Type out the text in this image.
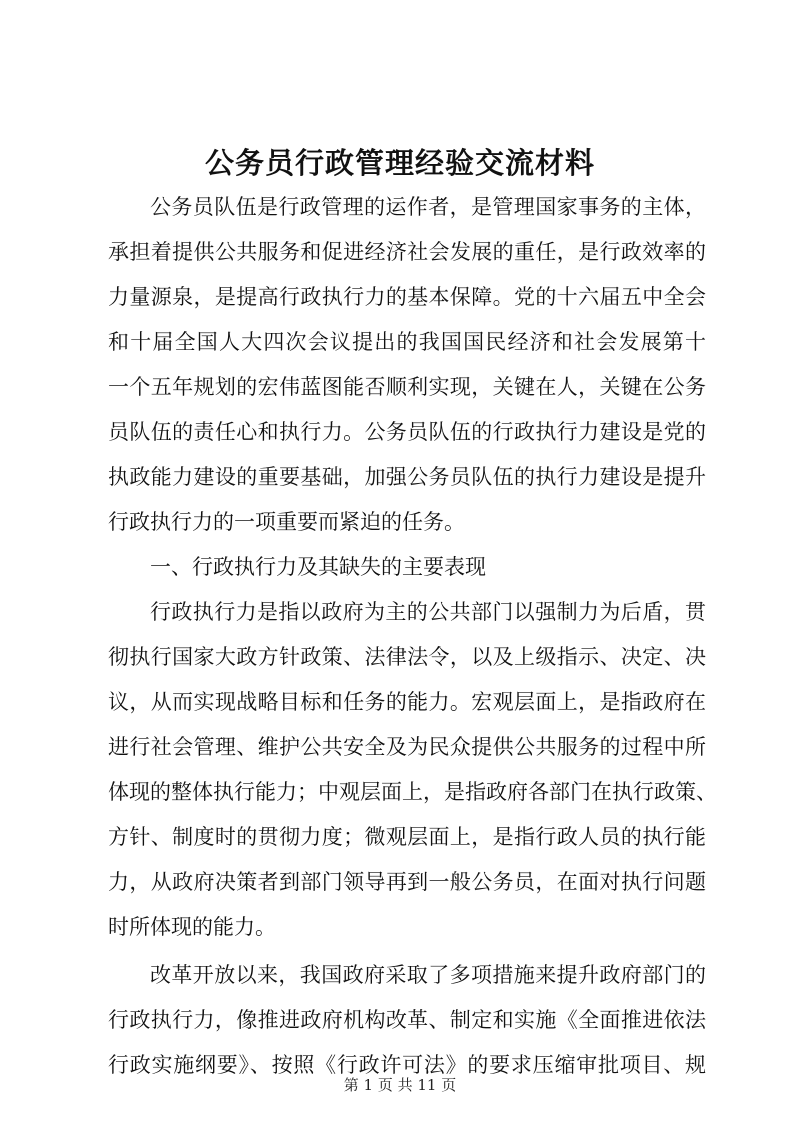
公务员行政管理经验交流材料
公务员队伍是行政管理的运作者，是管理国家事务的主体，
承担着提供公共服务和促进经济社会发展的重任，是行政效率的
力量源泉，是提高行政执行力的基本保障。党的十六届五中全会
和十届全国人大四次会议提出的我国国民经济和社会发展第十
一个五年规划的宏伟蓝图能否顺利实现，关键在人，关键在公务
员队伍的责任心和执行力。公务员队伍的行政执行力建设是党的
执政能力建设的重要基础，加强公务员队伍的执行力建设是提升
行政执行力的一项重要而紧迫的任务。
一、行政执行力及其缺失的主要表现
行政执行力是指以政府为主的公共部门以强制力为后盾，贯
彻执行国家大政方针政策、法律法令，以及上级指示、决定、决
议，从而实现战略目标和任务的能力。宏观层面上，是指政府在
进行社会管理、维护公共安全及为民众提供公共服务的过程中所
体现的整体执行能力；中观层面上，是指政府各部门在执行政策、
方针、制度时的贯彻力度；微观层面上，是指行政人员的执行能
力，从政府决策者到部门领导再到一般公务员，在面对执行问题
时所体现的能力。
改革开放以来，我国政府采取了多项措施来提升政府部门的
行政执行力，像推进政府机构改革、制定和实施《全面推进依法
行政实施纲要》、按照《行政许可法》的要求压缩审批项目、规
第 1 页 共 11 页
